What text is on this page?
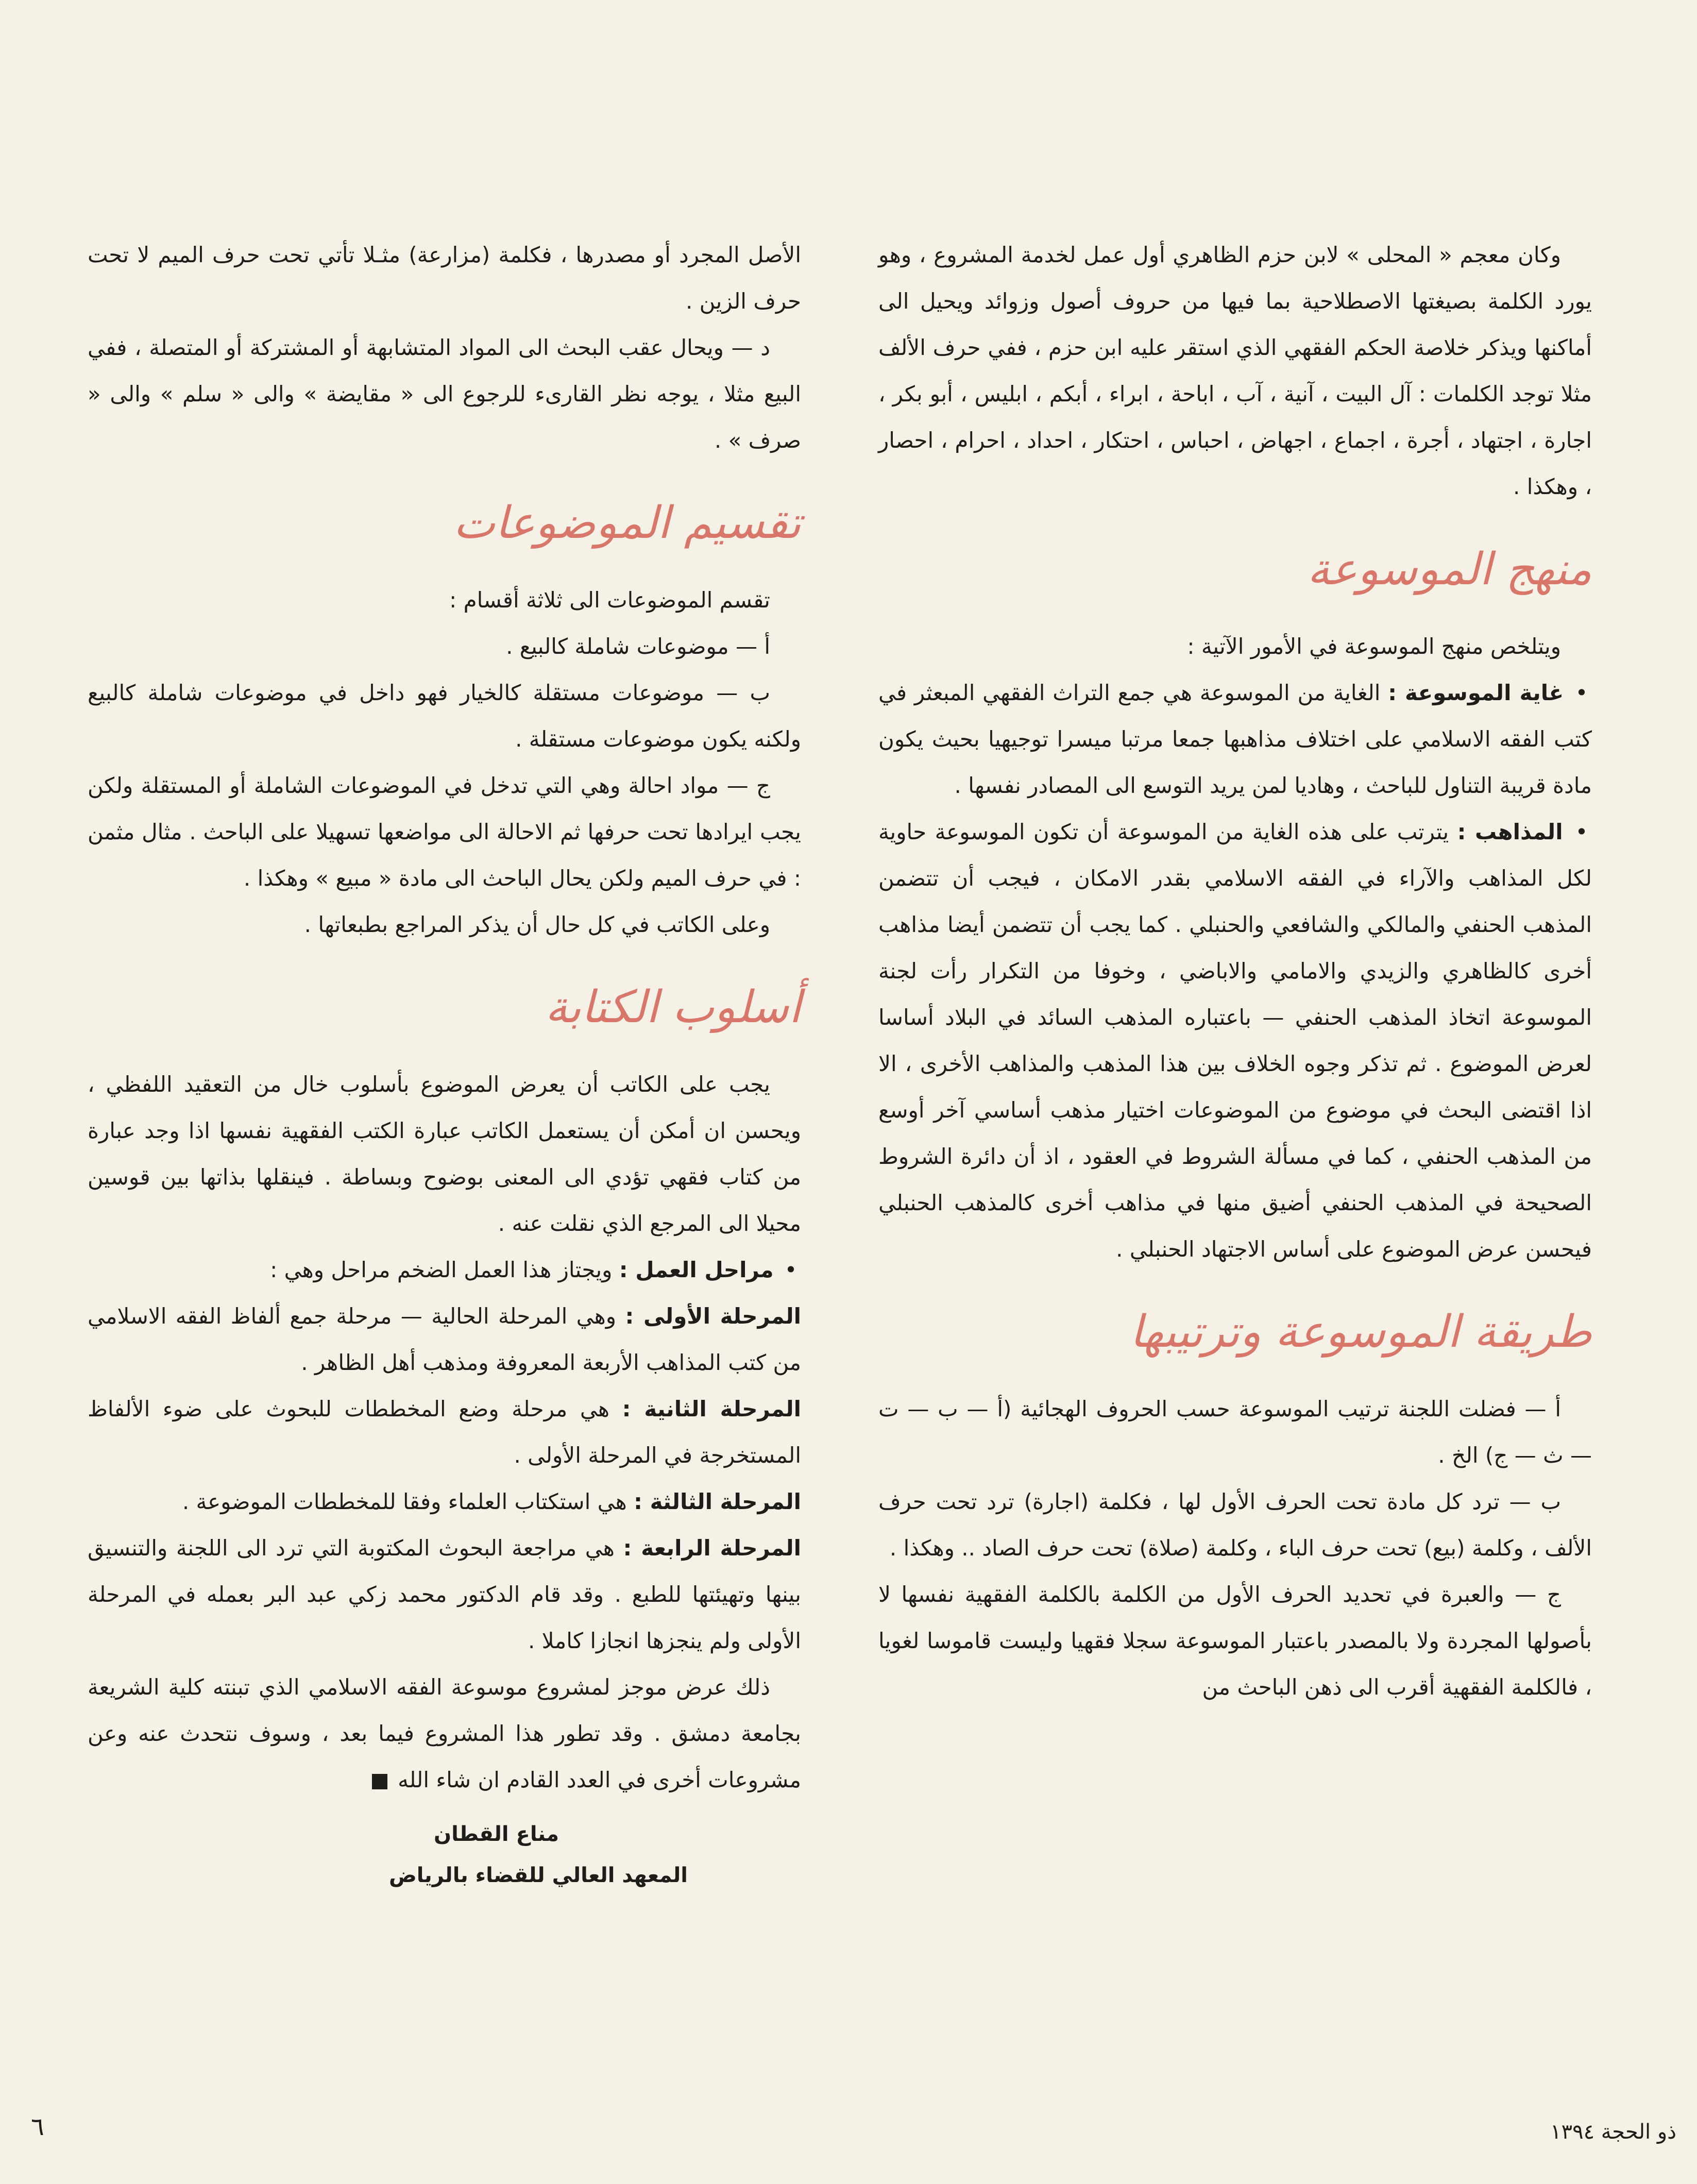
وكان معجم « المحلى » لابن حزم الظاهري أول عمل لخدمة المشروع ، وهو يورد الكلمة بصيغتها الاصطلاحية بما فيها من حروف أصول وزوائد ويحيل الى أماكنها ويذكر خلاصة الحكم الفقهي الذي استقر عليه ابن حزم ، ففي حرف الألف مثلا توجد الكلمات : آل البيت ، آنية ، آب ، اباحة ، ابراء ، أبكم ، ابليس ، أبو بكر ، اجارة ، اجتهاد ، أجرة ، اجماع ، اجهاض ، احباس ، احتكار ، احداد ، احرام ، احصار ، وهكذا .

منهج الموسوعة

ويتلخص منهج الموسوعة في الأمور الآتية :

• غاية الموسوعة : الغاية من الموسوعة هي جمع التراث الفقهي المبعثر في كتب الفقه الاسلامي على اختلاف مذاهبها جمعا مرتبا ميسرا توجيهيا بحيث يكون مادة قريبة التناول للباحث ، وهاديا لمن يريد التوسع الى المصادر نفسها .

• المذاهب : يترتب على هذه الغاية من الموسوعة أن تكون الموسوعة حاوية لكل المذاهب والآراء في الفقه الاسلامي بقدر الامكان ، فيجب أن تتضمن المذهب الحنفي والمالكي والشافعي والحنبلي . كما يجب أن تتضمن أيضا مذاهب أخرى كالظاهري والزيدي والامامي والاباضي ، وخوفا من التكرار رأت لجنة الموسوعة اتخاذ المذهب الحنفي — باعتباره المذهب السائد في البلاد أساسا لعرض الموضوع . ثم تذكر وجوه الخلاف بين هذا المذهب والمذاهب الأخرى ، الا اذا اقتضى البحث في موضوع من الموضوعات اختيار مذهب أساسي آخر أوسع من المذهب الحنفي ، كما في مسألة الشروط في العقود ، اذ أن دائرة الشروط الصحيحة في المذهب الحنفي أضيق منها في مذاهب أخرى كالمذهب الحنبلي فيحسن عرض الموضوع على أساس الاجتهاد الحنبلي .

طريقة الموسوعة وترتيبها

أ — فضلت اللجنة ترتيب الموسوعة حسب الحروف الهجائية (أ — ب — ت — ث — ج) الخ .

ب — ترد كل مادة تحت الحرف الأول لها ، فكلمة (اجارة) ترد تحت حرف الألف ، وكلمة (بيع) تحت حرف الباء ، وكلمة (صلاة) تحت حرف الصاد .. وهكذا .

ج — والعبرة في تحديد الحرف الأول من الكلمة بالكلمة الفقهية نفسها لا بأصولها المجردة ولا بالمصدر باعتبار الموسوعة سجلا فقهيا وليست قاموسا لغويا ، فالكلمة الفقهية أقرب الى ذهن الباحث من

الأصل المجرد أو مصدرها ، فكلمة (مزارعة) مثـلا تأتي تحت حرف الميم لا تحت حرف الزين .

د — ويحال عقب البحث الى المواد المتشابهة أو المشتركة أو المتصلة ، ففي البيع مثلا ، يوجه نظر القارىء للرجوع الى « مقايضة » والى « سلم » والى « صرف » .

تقسيم الموضوعات

تقسم الموضوعات الى ثلاثة أقسام :

أ — موضوعات شاملة كالبيع .

ب — موضوعات مستقلة كالخيار فهو داخل في موضوعات شاملة كالبيع ولكنه يكون موضوعات مستقلة .

ج — مواد احالة وهي التي تدخل في الموضوعات الشاملة أو المستقلة ولكن يجب ايرادها تحت حرفها ثم الاحالة الى مواضعها تسهيلا على الباحث . مثال مثمن : في حرف الميم ولكن يحال الباحث الى مادة « مبيع » وهكذا .

وعلى الكاتب في كل حال أن يذكر المراجع بطبعاتها .

أسلوب الكتابة

يجب على الكاتب أن يعرض الموضوع بأسلوب خال من التعقيد اللفظي ، ويحسن ان أمكن أن يستعمل الكاتب عبارة الكتب الفقهية نفسها اذا وجد عبارة من كتاب فقهي تؤدي الى المعنى بوضوح وبساطة . فينقلها بذاتها بين قوسين محيلا الى المرجع الذي نقلت عنه .

• مراحل العمل : ويجتاز هذا العمل الضخم مراحل وهي :

المرحلة الأولى : وهي المرحلة الحالية — مرحلة جمع ألفاظ الفقه الاسلامي من كتب المذاهب الأربعة المعروفة ومذهب أهل الظاهر .

المرحلة الثانية : هي مرحلة وضع المخططات للبحوث على ضوء الألفاظ المستخرجة في المرحلة الأولى .

المرحلة الثالثة : هي استكتاب العلماء وفقا للمخططات الموضوعة .

المرحلة الرابعة : هي مراجعة البحوث المكتوبة التي ترد الى اللجنة والتنسيق بينها وتهيئتها للطبع . وقد قام الدكتور محمد زكي عبد البر بعمله في المرحلة الأولى ولم ينجزها انجازا كاملا .

ذلك عرض موجز لمشروع موسوعة الفقه الاسلامي الذي تبنته كلية الشريعة بجامعة دمشق . وقد تطور هذا المشروع فيما بعد ، وسوف نتحدث عنه وعن مشروعات أخرى في العدد القادم ان شاء الله

مناع القطان
المعهد العالي للقضاء بالرياض
ذو الحجة ١٣٩٤
٦
